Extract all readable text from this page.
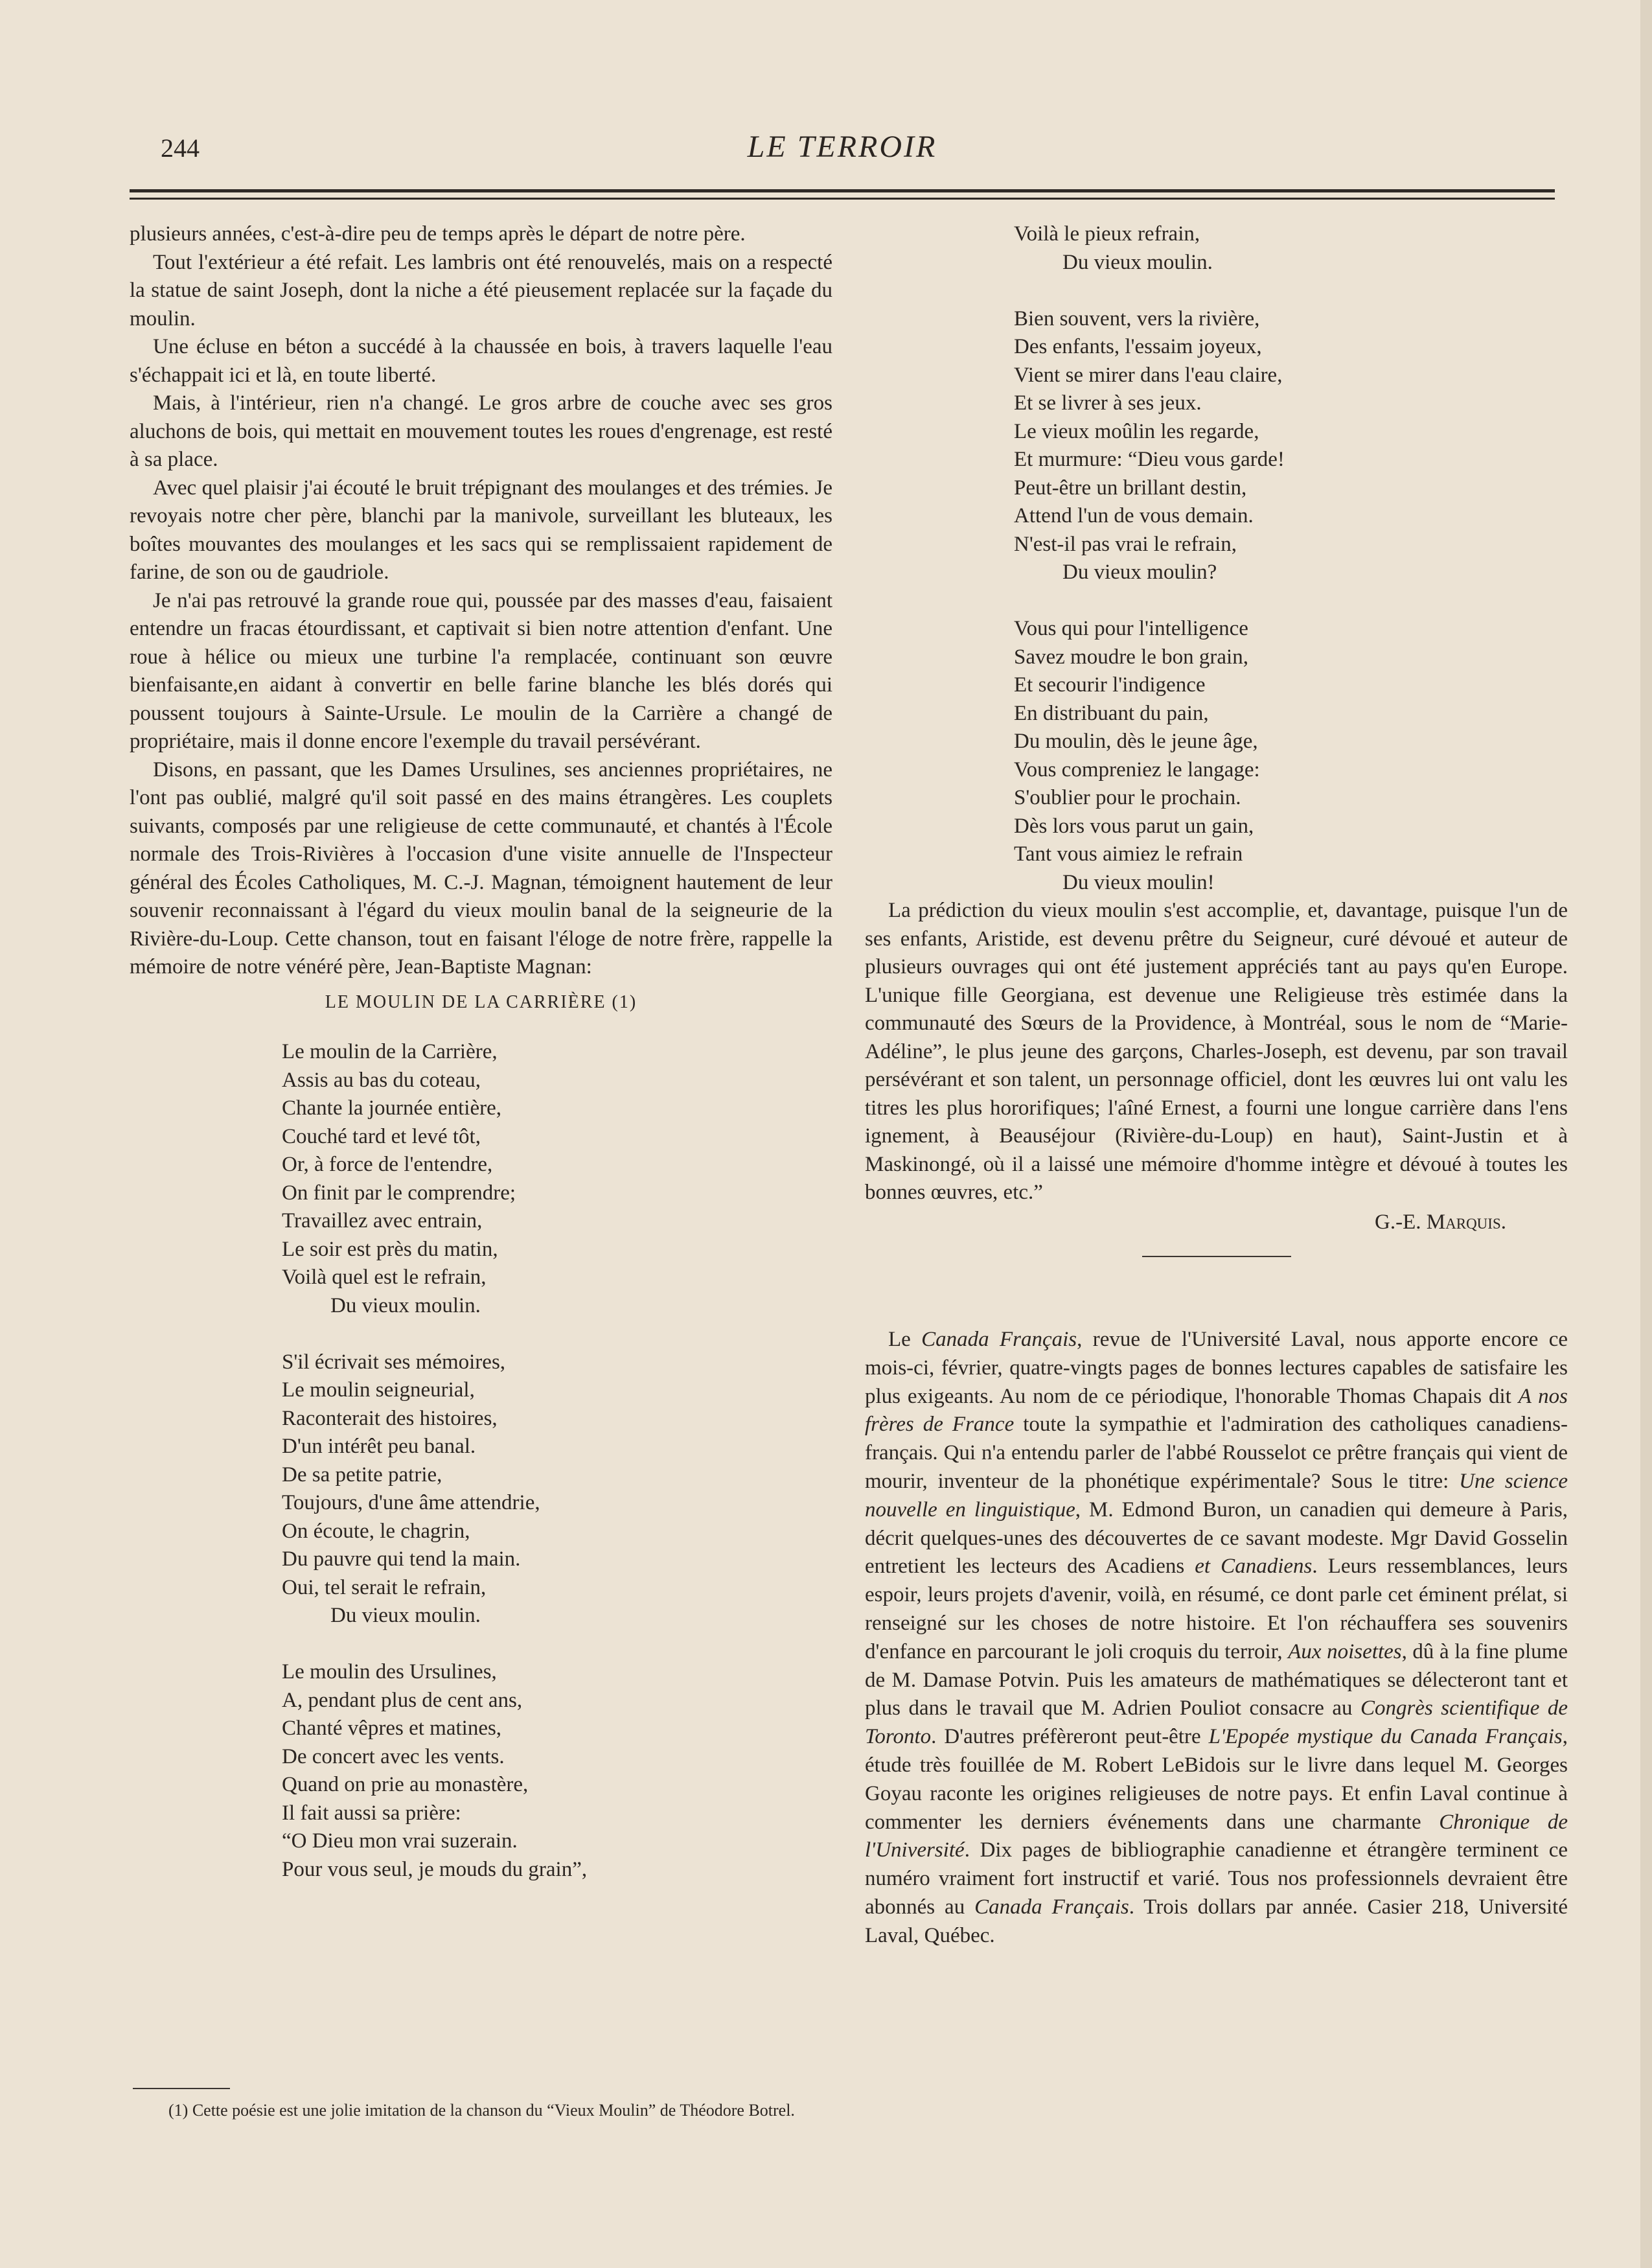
244	LE TERROIR

plusieurs années, c'est-à-dire peu de temps après le départ de notre père.

Tout l'extérieur a été refait. Les lambris ont été renouvelés, mais on a respecté la statue de saint Joseph, dont la niche a été pieusement replacée sur la façade du moulin.

Une écluse en béton a succédé à la chaussée en bois, à travers laquelle l'eau s'échappait ici et là, en toute liberté.

Mais, à l'intérieur, rien n'a changé. Le gros arbre de couche avec ses gros aluchons de bois, qui mettait en mouvement toutes les roues d'engrenage, est resté à sa place.

Avec quel plaisir j'ai écouté le bruit trépignant des moulanges et des trémies. Je revoyais notre cher père, blanchi par la manivole, surveillant les bluteaux, les boîtes mouvantes des moulanges et les sacs qui se remplissaient rapidement de farine, de son ou de gaudriole.

Je n'ai pas retrouvé la grande roue qui, poussée par des masses d'eau, faisaient entendre un fracas étourdissant, et captivait si bien notre attention d'enfant. Une roue à hélice ou mieux une turbine l'a remplacée, continuant son œuvre bienfaisante,en aidant à convertir en belle farine blanche les blés dorés qui poussent toujours à Sainte-Ursule. Le moulin de la Carrière a changé de propriétaire, mais il donne encore l'exemple du travail persévérant.

Disons, en passant, que les Dames Ursulines, ses anciennes propriétaires, ne l'ont pas oublié, malgré qu'il soit passé en des mains étrangères. Les couplets suivants, composés par une religieuse de cette communauté, et chantés à l'École normale des Trois-Rivières à l'occasion d'une visite annuelle de l'Inspecteur général des Écoles Catholiques, M. C.-J. Magnan, témoignent hautement de leur souvenir reconnaissant à l'égard du vieux moulin banal de la seigneurie de la Rivière-du-Loup. Cette chanson, tout en faisant l'éloge de notre frère, rappelle la mémoire de notre vénéré père, Jean-Baptiste Magnan:

LE MOULIN DE LA CARRIÈRE (1)
Le moulin de la Carrière,
Assis au bas du coteau,
Chante la journée entière,
Couché tard et levé tôt,
Or, à force de l'entendre,
On finit par le comprendre;
Travaillez avec entrain,
Le soir est près du matin,
Voilà quel est le refrain,
Du vieux moulin.
S'il écrivait ses mémoires,
Le moulin seigneurial,
Raconterait des histoires,
D'un intérêt peu banal.
De sa petite patrie,
Toujours, d'une âme attendrie,
On écoute, le chagrin,
Du pauvre qui tend la main.
Oui, tel serait le refrain,
Du vieux moulin.
Le moulin des Ursulines,
A, pendant plus de cent ans,
Chanté vêpres et matines,
De concert avec les vents.
Quand on prie au monastère,
Il fait aussi sa prière:
“O Dieu mon vrai suzerain.
Pour vous seul, je mouds du grain”,
(1) Cette poésie est une jolie imitation de la chanson du “Vieux Moulin” de Théodore Botrel.
Voilà le pieux refrain,
Du vieux moulin.
Bien souvent, vers la rivière,
Des enfants, l'essaim joyeux,
Vient se mirer dans l'eau claire,
Et se livrer à ses jeux.
Le vieux moûlin les regarde,
Et murmure: “Dieu vous garde!
Peut-être un brillant destin,
Attend l'un de vous demain.
N'est-il pas vrai le refrain,
Du vieux moulin?
Vous qui pour l'intelligence
Savez moudre le bon grain,
Et secourir l'indigence
En distribuant du pain,
Du moulin, dès le jeune âge,
Vous compreniez le langage:
S'oublier pour le prochain.
Dès lors vous parut un gain,
Tant vous aimiez le refrain
Du vieux moulin!

La prédiction du vieux moulin s'est accomplie, et, davantage, puisque l'un de ses enfants, Aristide, est devenu prêtre du Seigneur, curé dévoué et auteur de plusieurs ouvrages qui ont été justement appréciés tant au pays qu'en Europe. L'unique fille Georgiana, est devenue une Religieuse très estimée dans la communauté des Sœurs de la Providence, à Montréal, sous le nom de “Marie-Adéline”, le plus jeune des garçons, Charles-Joseph, est devenu, par son travail persévérant et son talent, un personnage officiel, dont les œuvres lui ont valu les titres les plus hororifiques; l'aîné Ernest, a fourni une longue carrière dans l'ens ignement, à Beauséjour (Rivière-du-Loup) en haut), Saint-Justin et à Maskinongé, où il a laissé une mémoire d'homme intègre et dévoué à toutes les bonnes œuvres, etc.”

G.-E. Marquis.

Le Canada Français, revue de l'Université Laval, nous apporte encore ce mois-ci, février, quatre-vingts pages de bonnes lectures capables de satisfaire les plus exigeants. Au nom de ce périodique, l'honorable Thomas Chapais dit A nos frères de France toute la sympathie et l'admiration des catholiques canadiens-français. Qui n'a entendu parler de l'abbé Rousselot ce prêtre français qui vient de mourir, inventeur de la phonétique expérimentale? Sous le titre: Une science nouvelle en linguistique, M. Edmond Buron, un canadien qui demeure à Paris, décrit quelques-unes des découvertes de ce savant modeste. Mgr David Gosselin entretient les lecteurs des Acadiens et Canadiens. Leurs ressemblances, leurs espoir, leurs projets d'avenir, voilà, en résumé, ce dont parle cet éminent prélat, si renseigné sur les choses de notre histoire. Et l'on réchauffera ses souvenirs d'enfance en parcourant le joli croquis du terroir, Aux noisettes, dû à la fine plume de M. Damase Potvin. Puis les amateurs de mathématiques se délecteront tant et plus dans le travail que M. Adrien Pouliot consacre au Congrès scientifique de Toronto. D'autres préfèreront peut-être L'Epopée mystique du Canada Français, étude très fouillée de M. Robert LeBidois sur le livre dans lequel M. Georges Goyau raconte les origines religieuses de notre pays. Et enfin Laval continue à commenter les derniers événements dans une charmante Chronique de l'Université. Dix pages de bibliographie canadienne et étrangère terminent ce numéro vraiment fort instructif et varié. Tous nos professionnels devraient être abonnés au Canada Français. Trois dollars par année. Casier 218, Université Laval, Québec.
